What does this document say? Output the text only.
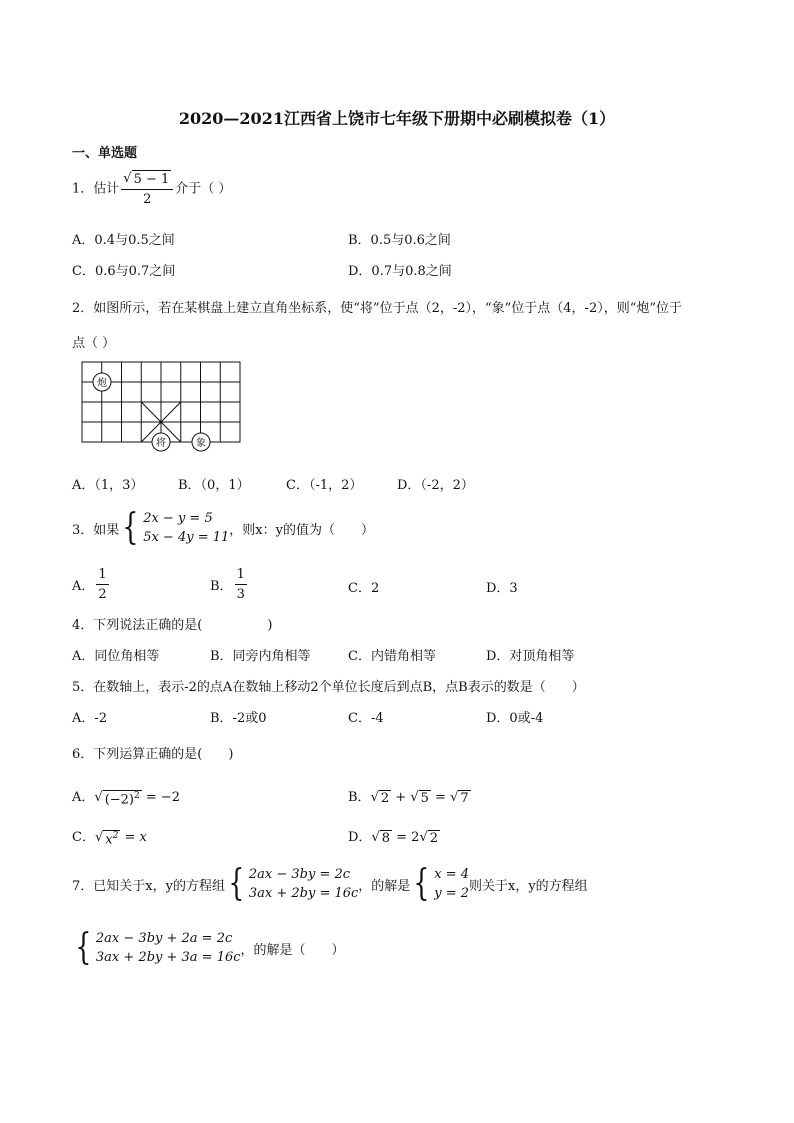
2020—2021江西省上饶市七年级下册期中必刷模拟卷（1）
一、单选题
1．估计 $\frac{√ 5 - 1}{2}$ 介于（ ）
A．0.4与0.5之间	B．0.5与0.6之间
C．0.6与0.7之间	D．0.7与0.8之间
2．如图所示，若在某棋盘上建立直角坐标系，使“将”位于点（2，-2），“象”位于点（4，-2），则“炮”位于
点（ ）
炮
将	象
A．（1，3）	B．（0，1）	C．（-1，2）	D．（-2，2）
3．如果 { 2x − y = 5
5x − 4y = 11 ，则x：y的值为（　　）
A． $\frac{1}{2}$	B． $\frac{1}{3}$	C．2	D．3
4．下列说法正确的是(　　　　　)
A．同位角相等	B．同旁内角相等	C．内错角相等	D．对顶角相等
5．在数轴上，表示-2的点A在数轴上移动2个单位长度后到点B，点B表示的数是（　　）
A．-2	B．-2或0	C．-4	D．0或-4
6．下列运算正确的是(　　)
A． √ $(-2)^2 = -2$	B． √ 2 + √ 5 = √ 7
C． √ $x^2 = x$	D． √ 8 = 2 √ 2
7．已知关于x，y的方程组 { 2ax − 3by = 2c
3ax + 2by = 16c ，的解是 { x = 4
y = 2 则关于x，y的方程组
{ 2ax − 3by + 2a = 2c
3ax + 2by + 3a = 16c ，的解是（　　）
